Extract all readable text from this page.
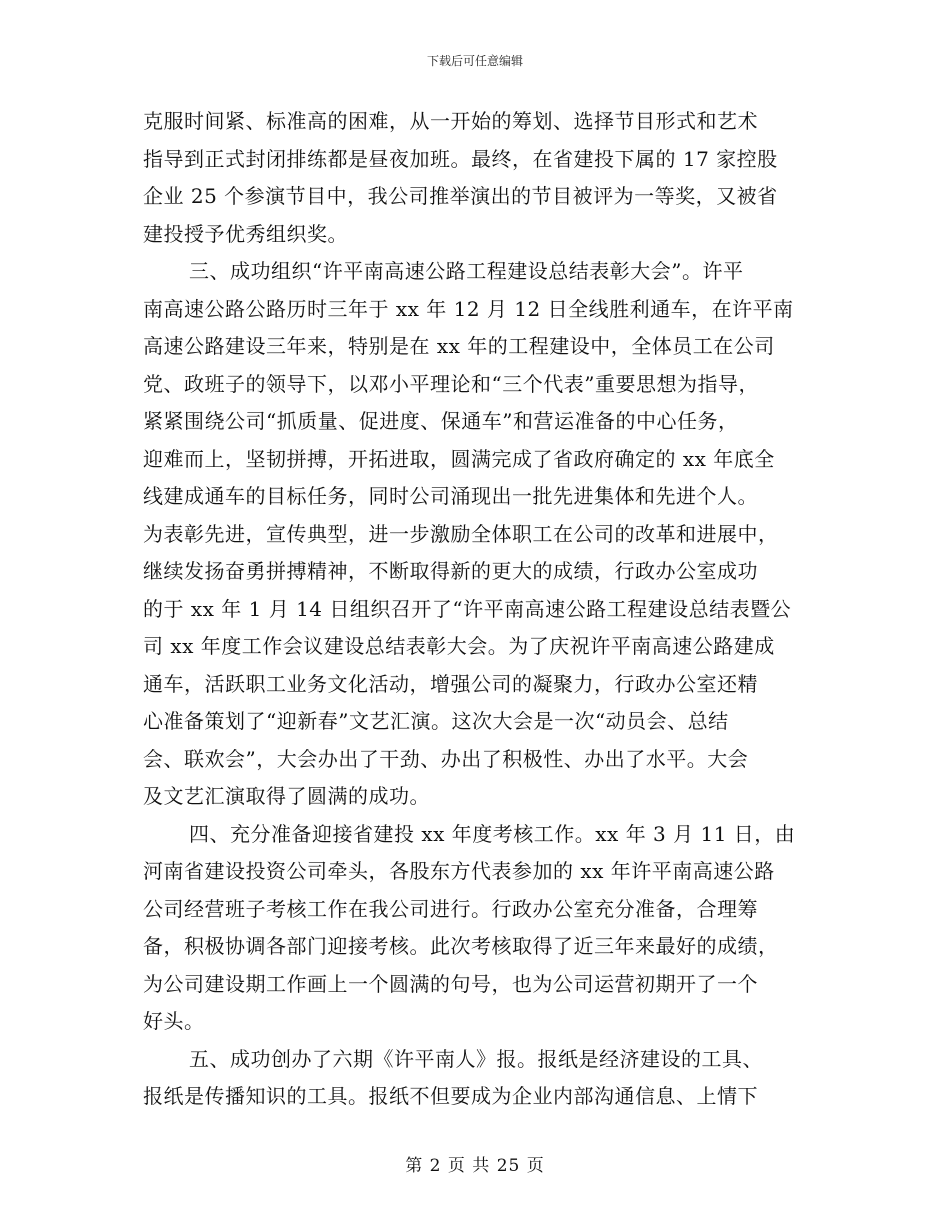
下载后可任意编辑
克服时间紧、标准高的困难，从一开始的筹划、选择节目形式和艺术
指导到正式封闭排练都是昼夜加班。最终，在省建投下属的 17 家控股
企业 25 个参演节目中，我公司推举演出的节目被评为一等奖，又被省
建投授予优秀组织奖。
三、成功组织“许平南高速公路工程建设总结表彰大会”。许平
南高速公路公路历时三年于 xx 年 12 月 12 日全线胜利通车，在许平南
高速公路建设三年来，特别是在 xx 年的工程建设中，全体员工在公司
党、政班子的领导下，以邓小平理论和“三个代表”重要思想为指导，
紧紧围绕公司“抓质量、促进度、保通车”和营运准备的中心任务，
迎难而上，坚韧拼搏，开拓进取，圆满完成了省政府确定的 xx 年底全
线建成通车的目标任务，同时公司涌现出一批先进集体和先进个人。
为表彰先进，宣传典型，进一步激励全体职工在公司的改革和进展中，
继续发扬奋勇拼搏精神，不断取得新的更大的成绩，行政办公室成功
的于 xx 年 1 月 14 日组织召开了“许平南高速公路工程建设总结表暨公
司 xx 年度工作会议建设总结表彰大会。为了庆祝许平南高速公路建成
通车，活跃职工业务文化活动，增强公司的凝聚力，行政办公室还精
心准备策划了“迎新春”文艺汇演。这次大会是一次“动员会、总结
会、联欢会”，大会办出了干劲、办出了积极性、办出了水平。大会
及文艺汇演取得了圆满的成功。
四、充分准备迎接省建投 xx 年度考核工作。xx 年 3 月 11 日，由
河南省建设投资公司牵头，各股东方代表参加的 xx 年许平南高速公路
公司经营班子考核工作在我公司进行。行政办公室充分准备，合理筹
备，积极协调各部门迎接考核。此次考核取得了近三年来最好的成绩，
为公司建设期工作画上一个圆满的句号，也为公司运营初期开了一个
好头。
五、成功创办了六期《许平南人》报。报纸是经济建设的工具、
报纸是传播知识的工具。报纸不但要成为企业内部沟通信息、上情下
第 2 页 共 25 页
